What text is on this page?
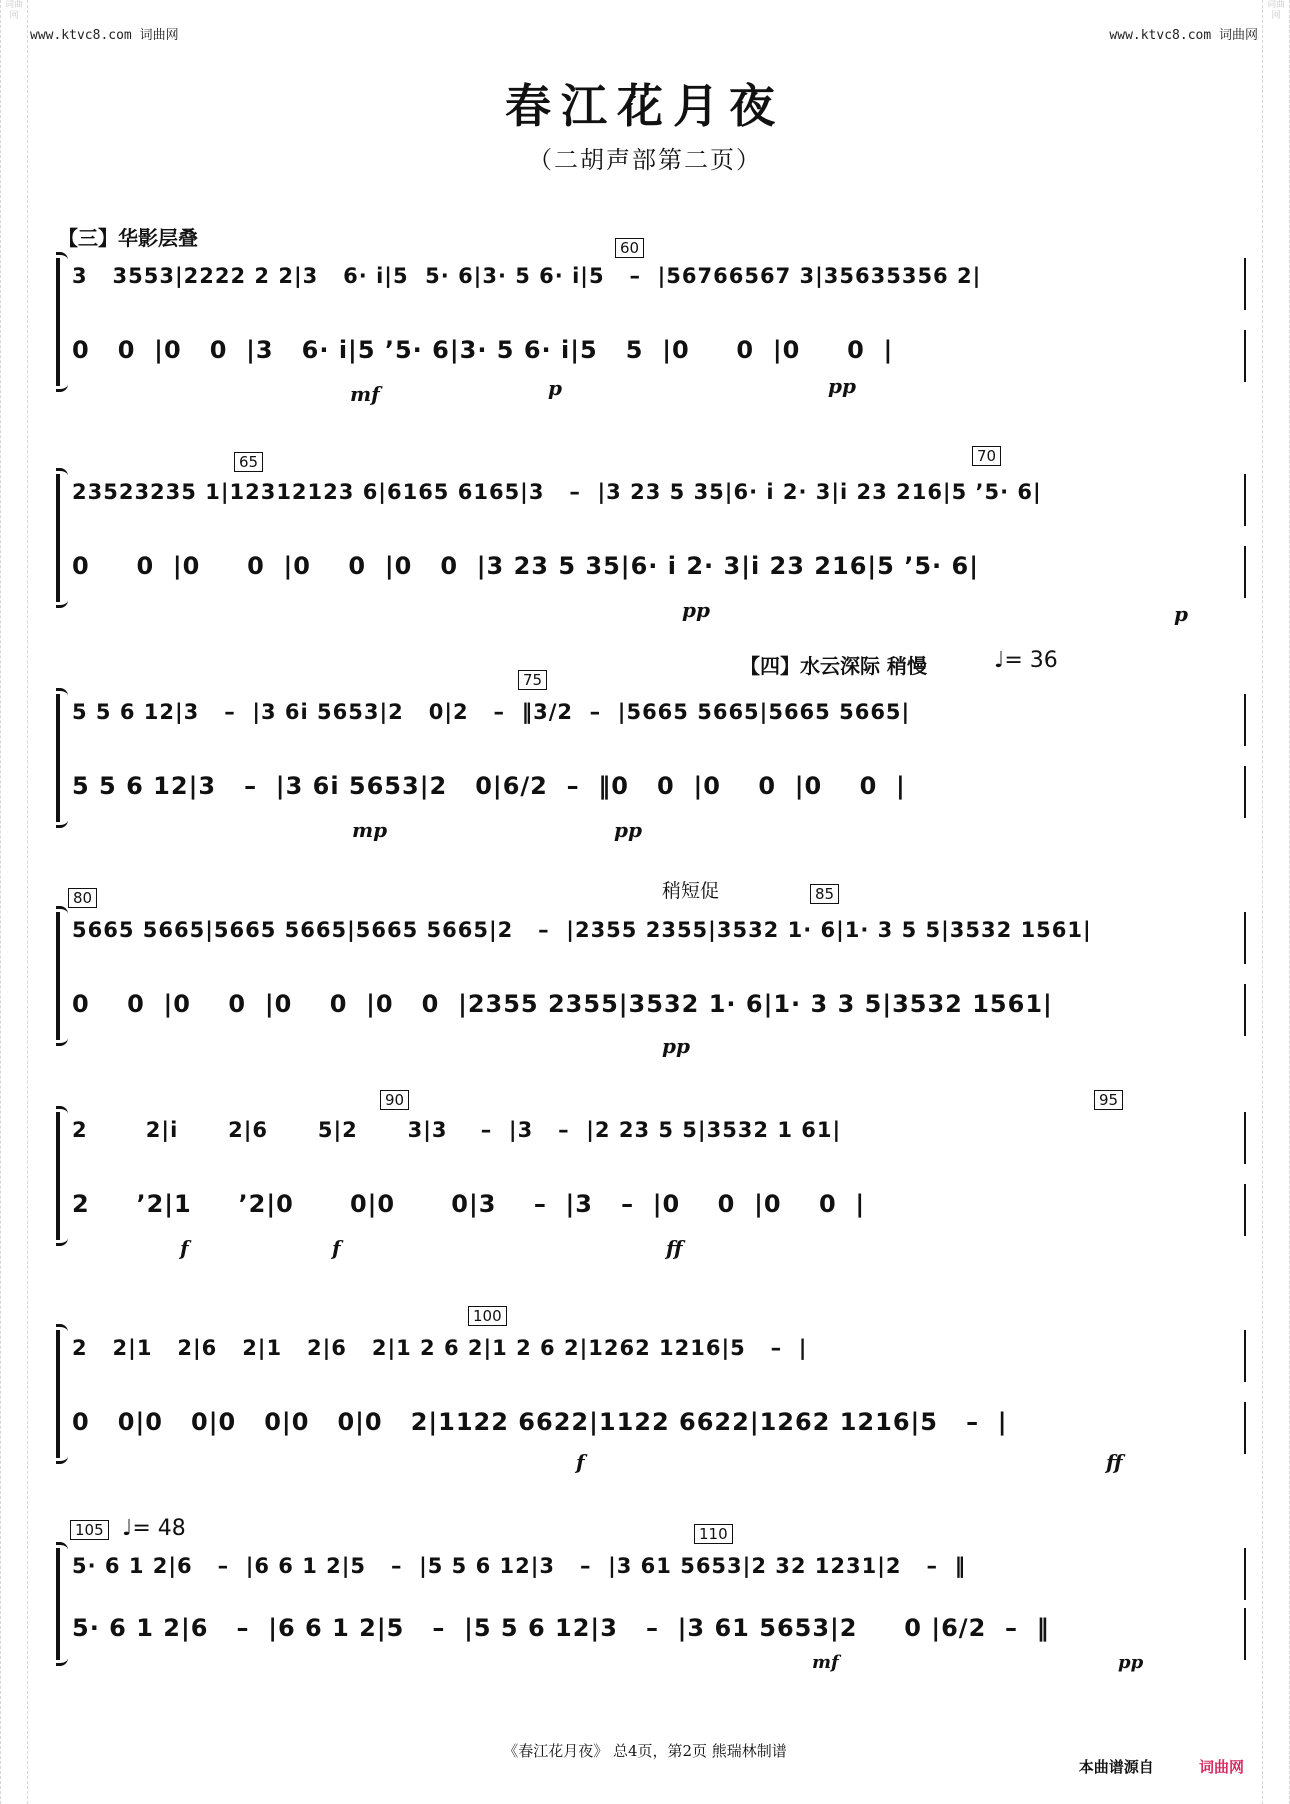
词曲网
词曲网
www.ktvc8.com 词曲网	www.ktvc8.com 词曲网
春江花月夜
（二胡声部第二页）
【三】华影层叠	60
3   3553|2222 2 2|3   6· i|5  5· 6|3· 5 6· i|5   –  |56766567 3|35635356 2|
0   0  |0   0  |3   6· i|5 ’5· 6|3· 5 6· i|5   5  |0     0  |0     0  |
mf	p	pp
65	70
23523235 1|12312123 6|6165 6165|3   –  |3 23 5 35|6· i 2· 3|i 23 216|5 ’5· 6|
0     0  |0     0  |0    0  |0   0  |3 23 5 35|6· i 2· 3|i 23 216|5 ’5· 6|
pp	p
【四】水云深际 稍慢	♩= 36
75
5 5 6 12|3   –  |3 6i 5653|2   0|2   –  ‖3/2  –  |5665 5665|5665 5665|
5 5 6 12|3   –  |3 6i 5653|2   0|6/2  –  ‖0   0  |0    0  |0    0  |
mp	pp
80	稍短促	85
5665 5665|5665 5665|5665 5665|2   –  |2355 2355|3532 1· 6|1· 3 5 5|3532 1561|
0    0  |0    0  |0    0  |0   0  |2355 2355|3532 1· 6|1· 3 3 5|3532 1561|
pp
90	95
2       2|i      2|6      5|2      3|3    –  |3   –  |2 23 5 5|3532 1 61|
2     ’2|1     ’2|0      0|0      0|3    –  |3   –  |0    0  |0    0  |
f	f	ff
100
2   2|1   2|6   2|1   2|6   2|1 2 6 2|1 2 6 2|1262 1216|5   –  |
0   0|0   0|0   0|0   0|0   2|1122 6622|1122 6622|1262 1216|5   –  |
f	ff
105 ♩= 48	110
5· 6 1 2|6   –  |6 6 1 2|5   –  |5 5 6 12|3   –  |3 61 5653|2 32 1231|2   –  ‖
5· 6 1 2|6   –  |6 6 1 2|5   –  |5 5 6 12|3   –  |3 61 5653|2     0 |6/2  –  ‖
mf	pp
《春江花月夜》 总4页，第2页 熊瑞林制谱
本曲谱源自	词曲网
